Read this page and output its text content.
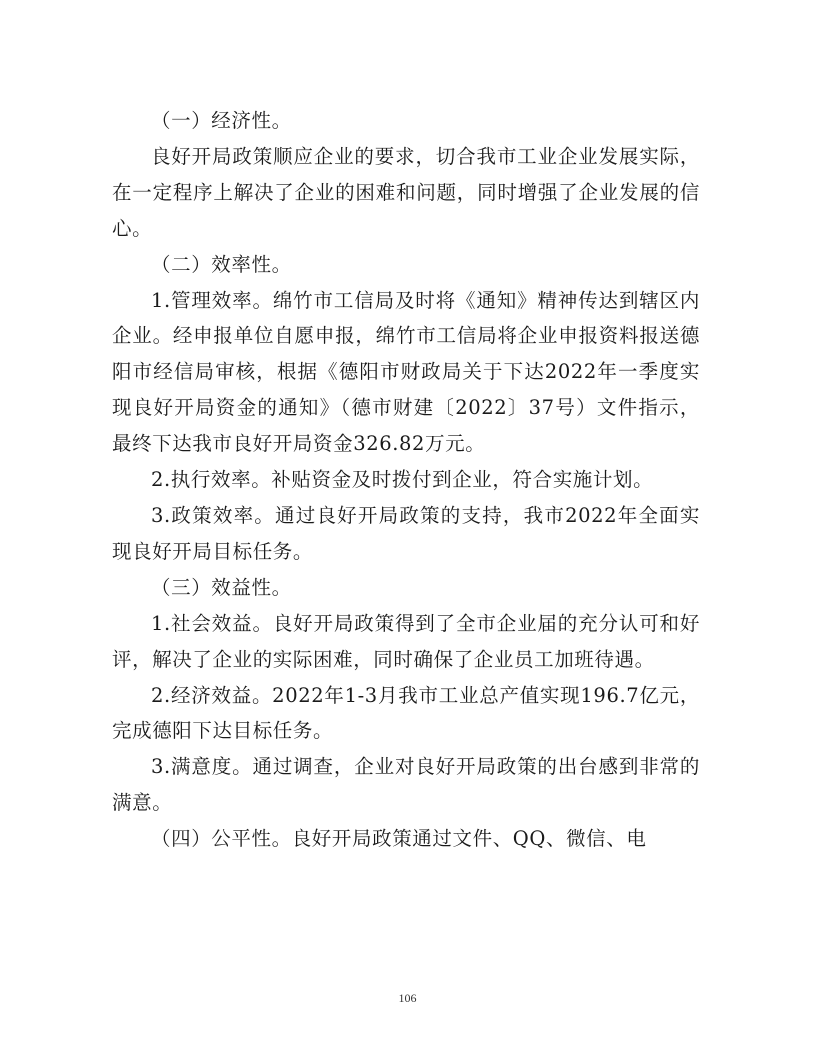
（一）经济性。

良好开局政策顺应企业的要求，切合我市工业企业发展实际，在一定程序上解决了企业的困难和问题，同时增强了企业发展的信心。

（二）效率性。

1.管理效率。绵竹市工信局及时将《通知》精神传达到辖区内企业。经申报单位自愿申报，绵竹市工信局将企业申报资料报送德阳市经信局审核，根据《德阳市财政局关于下达2022年一季度实现良好开局资金的通知》（德市财建〔2022〕37号）文件指示，最终下达我市良好开局资金326.82万元。

2.执行效率。补贴资金及时拨付到企业，符合实施计划。

3.政策效率。通过良好开局政策的支持，我市2022年全面实现良好开局目标任务。

（三）效益性。

1.社会效益。良好开局政策得到了全市企业届的充分认可和好评，解决了企业的实际困难，同时确保了企业员工加班待遇。

2.经济效益。2022年1-3月我市工业总产值实现196.7亿元，完成德阳下达目标任务。

3.满意度。通过调查，企业对良好开局政策的出台感到非常的满意。

（四）公平性。良好开局政策通过文件、QQ、微信、电

106
